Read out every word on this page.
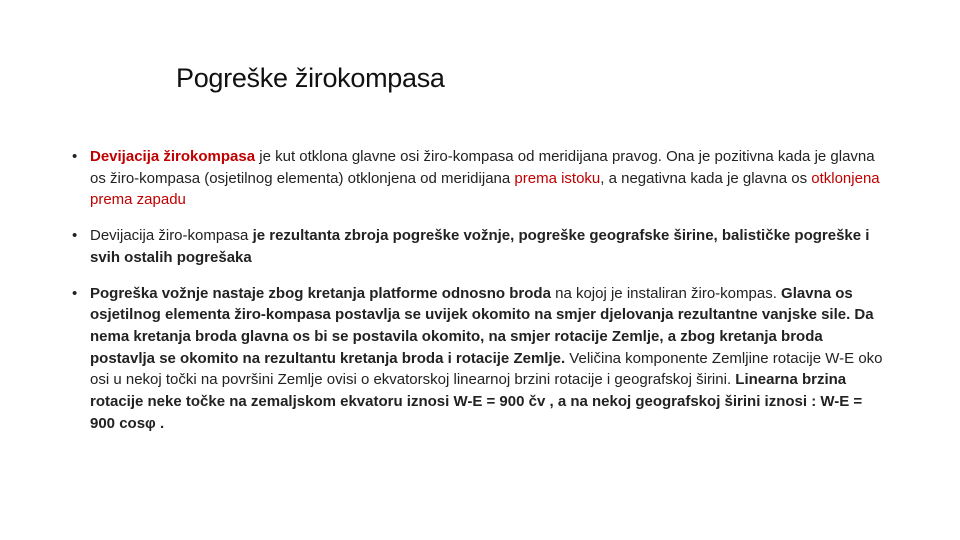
Pogreške žirokompasa
• Devijacija žirokompasa je kut otklona glavne osi žiro-kompasa od meridijana pravog. Ona je pozitivna kada je glavna os žiro-kompasa (osjetilnog elementa) otklonjena od meridijana prema istoku, a negativna kada je glavna os otklonjena prema zapadu
• Devijacija žiro-kompasa je rezultanta zbroja pogreške vožnje, pogreške geografske širine, balističke pogreške i svih ostalih pogrešaka
• Pogreška vožnje nastaje zbog kretanja platforme odnosno broda na kojoj je instaliran žiro-kompas. Glavna os osjetilnog elementa žiro-kompasa postavlja se uvijek okomito na smjer djelovanja rezultantne vanjske sile. Da nema kretanja broda glavna os bi se postavila okomito, na smjer rotacije Zemlje, a zbog kretanja broda postavlja se okomito na rezultantu kretanja broda i rotacije Zemlje. Veličina komponente Zemljine rotacije W-E oko osi u nekoj točki na površini Zemlje ovisi o ekvatorskoj linearnoj brzini rotacije i geografskoj širini. Linearna brzina rotacije neke točke na zemaljskom ekvatoru iznosi W-E = 900 čv , a na nekoj geografskoj širini iznosi : W-E = 900 cosφ .
